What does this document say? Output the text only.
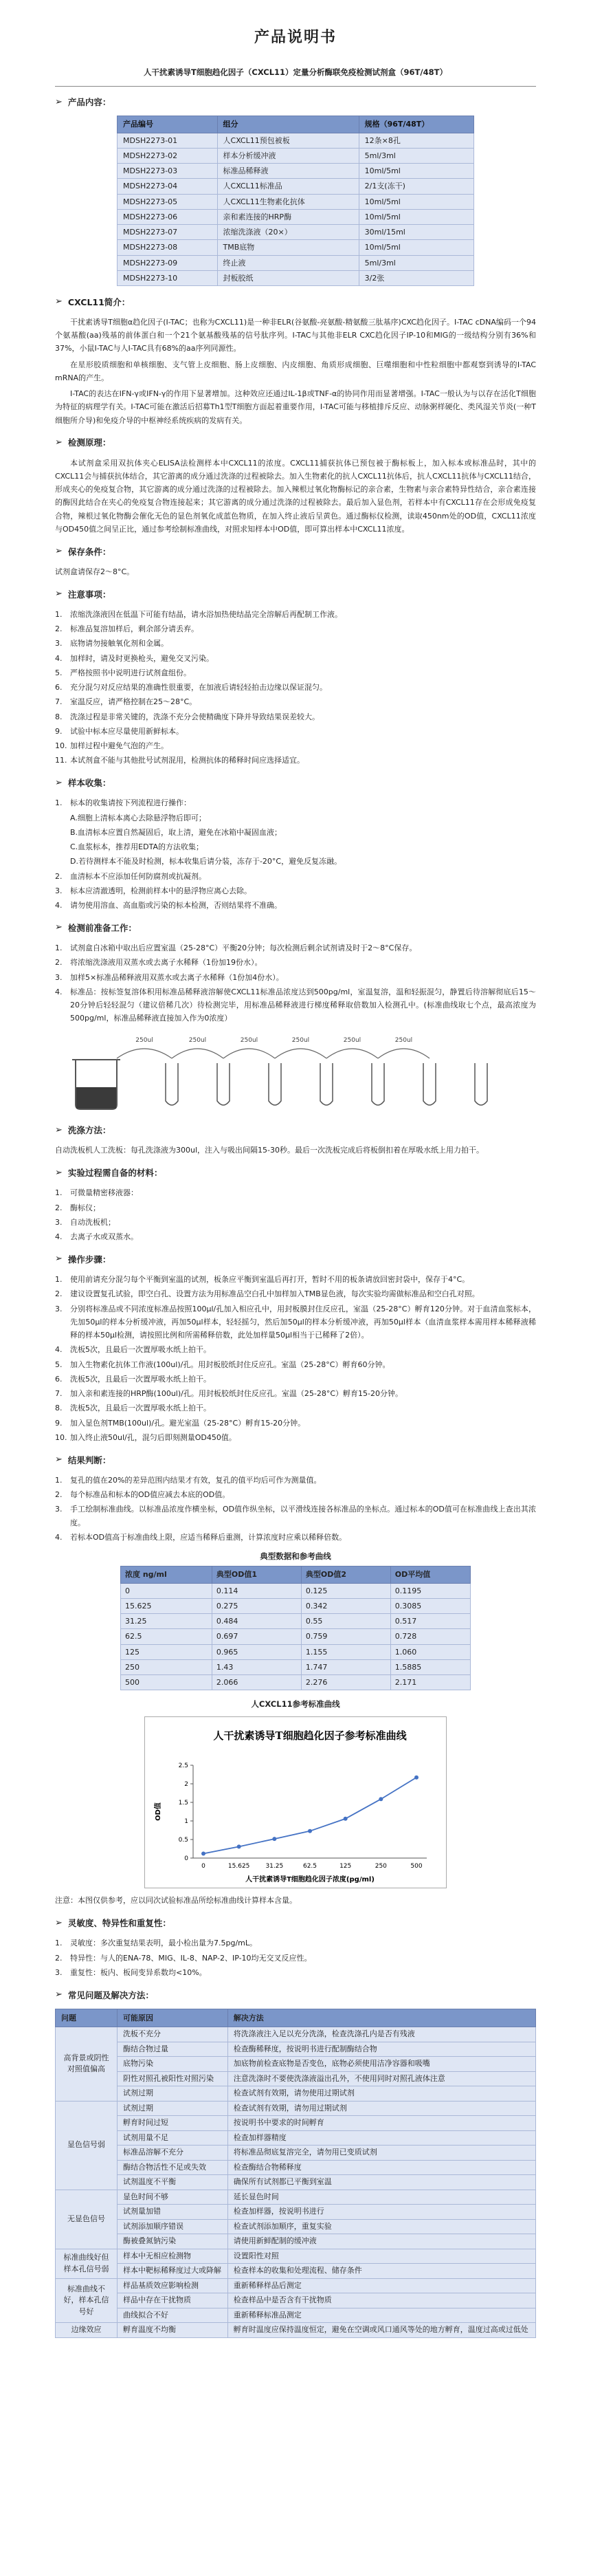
产品说明书
人干扰素诱导T细胞趋化因子（CXCL11）定量分析酶联免疫检测试剂盒（96T/48T）
➢ 产品内容：
产品编号	组分	规格（96T/48T）
MDSH2273-01	人CXCL11预包被板	12条×8孔
MDSH2273-02	样本分析缓冲液	5ml/3ml
MDSH2273-03	标准品稀释液	10ml/5ml
MDSH2273-04	人CXCL11标准品	2/1支(冻干)
MDSH2273-05	人CXCL11生物素化抗体	10ml/5ml
MDSH2273-06	亲和素连接的HRP酶	10ml/5ml
MDSH2273-07	浓缩洗涤液（20×）	30ml/15ml
MDSH2273-08	TMB底物	10ml/5ml
MDSH2273-09	终止液	5ml/3ml
MDSH2273-10	封板胶纸	3/2张
➢ CXCL11简介：
干扰素诱导T细胞α趋化因子(I-TAC；也称为CXCL11)是一种非ELR(谷氨酸-亮氨酸-精氨酸三肽基序)CXC趋化因子。I-TAC cDNA编码一个94个氨基酸(aa)残基的前体蛋白和一个21个氨基酸残基的信号肽序列。I-TAC与其他非ELR CXC趋化因子IP-10和MIG的一级结构分别有36%和37%，小鼠I-TAC与人I-TAC具有68%的aa序列同源性。
在星形胶质细胞和单核细胞、支气管上皮细胞、肠上皮细胞、内皮细胞、角质形成细胞、巨噬细胞和中性粒细胞中都观察到诱导的I-TAC mRNA的产生。
I-TAC的表达在IFN-γ或IFN-γ的作用下显著增加。这种效应还通过IL-1β或TNF-α的协同作用而显著增强。I-TAC一般认为与以存在活化T细胞为特征的病理学有关。I-TAC可能在激活后招募Th1型T细胞方面起着重要作用，I-TAC可能与移植排斥反应、动脉粥样硬化、类风湿关节炎(一种T细胞所介导)和免疫介导的中枢神经系统疾病的发病有关。
➢ 检测原理：
本试剂盒采用双抗体夹心ELISA法检测样本中CXCL11的浓度。CXCL11捕获抗体已预包被于酶标板上，加入标本或标准品时，其中的CXCL11会与捕获抗体结合，其它游离的成分通过洗涤的过程被除去。加入生物素化的抗人CXCL11抗体后，抗人CXCL11抗体与CXCL11结合，形成夹心的免疫复合物，其它游离的成分通过洗涤的过程被除去。加入辣根过氧化物酶标记的亲合素，生物素与亲合素特异性结合，亲合素连接的酶因此结合在夹心的免疫复合物连接起来；其它游离的成分通过洗涤的过程被除去。最后加入显色剂，若样本中有CXCL11存在会形成免疫复合物，辣根过氧化物酶会催化无色的显色剂氧化成蓝色物质，在加入终止液后呈黄色。通过酶标仪检测，读取450nm处的OD值，CXCL11浓度与OD450值之间呈正比，通过参考绘制标准曲线，对照求知样本中OD值，即可算出样本中CXCL11浓度。
➢ 保存条件：
试剂盒请保存2～8°C。
➢ 注意事项：
1.	浓缩洗涤液因在低温下可能有结晶，请水浴加热使结晶完全溶解后再配制工作液。
2.	标准品复溶加样后，剩余部分请丢弃。
3.	底物请勿接触氧化剂和金属。
4.	加样时，请及时更换枪头，避免交叉污染。
5.	严格按照书中说明进行试剂盒组份。
6.	充分混匀对反应结果的准确性很重要，在加液后请轻轻拍击边缘以保证混匀。
7.	室温反应，请严格控制在25～28°C。
8.	洗涤过程是非常关键的，洗涤不充分会使精确度下降并导致结果误差较大。
9.	试验中标本应尽量使用新鲜标本。
10. 加样过程中避免气泡的产生。
11. 本试剂盒不能与其他批号试剂混用，检测抗体的稀释时间应选择适宜。
➢ 样本收集：
1.	标本的收集请按下列流程进行操作：
A.细胞上清标本离心去除悬浮物后即可；
B.血清标本应置自然凝固后，取上清，避免在冰箱中凝固血液；
C.血浆标本，推荐用EDTA的方法收集；
D.若待测样本不能及时检测，标本收集后请分装，冻存于-20°C，避免反复冻融。
2.	血清标本不应添加任何防腐剂或抗凝剂。
3.	标本应清澈透明，检测前样本中的悬浮物应离心去除。
4.	请勿使用溶血、高血脂或污染的标本检测，否则结果将不准确。
➢ 检测前准备工作：
1.	试剂盒自冰箱中取出后应置室温（25-28°C）平衡20分钟；每次检测后剩余试剂请及时于2～8°C保存。
2.	将浓缩洗涤液用双蒸水或去离子水稀释（1份加19份水）。
3.	加样5×标准品稀释液用双蒸水或去离子水稀释（1份加4份水）。
4.	标准品：按标签复溶体积用标准品稀释液溶解使CXCL11标准品浓度达到500pg/ml，室温复溶，温和轻振混匀，静置后待溶解彻底后15～20分钟后轻轻混匀（建议倍稀几次）待检测完毕，用标准品稀释液进行梯度稀释取倍数加入检测孔中。(标准曲线取七个点，最高浓度为500pg/ml，标准品稀释液直接加入作为0浓度）
250ul	250ul	250ul	250ul	250ul	250ul
➢ 洗涤方法：
自动洗板机人工洗板：每孔洗涤液为300ul，注入与吸出间隔15-30秒。最后一次洗板完成后将板倒扣着在厚吸水纸上用力拍干。
➢ 实验过程需自备的材料：
1.	可微量精密移液器：
2.	酶标仪；
3.	自动洗板机；
4.	去离子水或双蒸水。
➢ 操作步骤：
1.	使用前请充分混匀每个平衡到室温的试剂，板条应平衡到室温后再打开，暂时不用的板条请放回密封袋中，保存于4°C。
2.	建议设置复孔试验，即空白孔、设置方法为用标准品空白孔中加样加入TMB显色液，每次实验均需做标准品和空白孔对照。
3.	分别将标准品或不同浓度标准品按照100μl/孔加入相应孔中，用封板膜封住反应孔，室温（25-28°C）孵育120分钟。对于血清血浆标本，先加50μl的样本分析缓冲液，再加50μl样本，轻轻摇匀，然后加50μl的样本分析缓冲液，再加50μl样本（血清血浆样本需用样本稀释液稀释的样本50μl检测，请按照比例和所需稀释倍数，此处加样量50μl相当于已稀释了2倍）。
4.	洗板5次，且最后一次置厚吸水纸上拍干。
5.	加入生物素化抗体工作液(100ul)/孔。用封板胶纸封住反应孔。室温（25-28°C）孵育60分钟。
6.	洗板5次，且最后一次置厚吸水纸上拍干。
7.	加入亲和素连接的HRP酶(100ul)/孔。用封板胶纸封住反应孔。室温（25-28°C）孵育15-20分钟。
8.	洗板5次，且最后一次置厚吸水纸上拍干。
9.	加入显色剂TMB(100ul)/孔。避光室温（25-28°C）孵育15-20分钟。
10. 加入终止液50ul/孔，混匀后即刻测量OD450值。
➢ 结果判断：
1.	复孔的值在20%的差异范围内结果才有效，复孔的值平均后可作为测量值。
2.	每个标准品和标本的OD值应减去本底的OD值。
3.	手工绘制标准曲线。以标准品浓度作横坐标，OD值作纵坐标，以平滑线连接各标准品的坐标点。通过标本的OD值可在标准曲线上查出其浓度。
4.	若标本OD值高于标准曲线上限，应适当稀释后重测，计算浓度时应乘以稀释倍数。
典型数据和参考曲线
浓度 ng/ml	典型OD值1	典型OD值2	OD平均值
0	0.114	0.125	0.1195
15.625	0.275	0.342	0.3085
31.25	0.484	0.55	0.517
62.5	0.697	0.759	0.728
125	0.965	1.155	1.060
250	1.43	1.747	1.5885
500	2.066	2.276	2.171
人CXCL11参考标准曲线
人干扰素诱导T细胞趋化因子参考标准曲线
0
0.5
1
1.5
2
2.5
0	15.625	31.25	62.5	125	250	500
人干扰素诱导T细胞趋化因子浓度(pg/ml)
OD值
注意：本图仅供参考，应以同次试验标准品所绘标准曲线计算样本含量。
➢ 灵敏度、特异性和重复性：
1.	灵敏度：多次重复结果表明，最小检出量为7.5pg/mL。
2.	特异性：与人的ENA-78、MIG、IL-8、NAP-2、IP-10均无交叉反应性。
3.	重复性：板内、板间变异系数均<10%。
➢ 常见问题及解决方法：
问题	可能原因	解决方法
高背景或阴性对照值偏高	洗板不充分	将洗涤液注入足以充分洗涤，检查洗涤孔内是否有残液
	酶结合物过量	检查酶稀释度，按说明书进行配制酶结合物
	底物污染	加底物前检查底物是否变色，底物必须使用洁净容器和吸嘴
	阴性对照孔被阳性对照污染	注意洗涤时不要使洗涤液溢出孔外，不使用同时对照孔液体注意
	试剂过期	检查试剂有效期，请勿使用过期试剂
显色信号弱	试剂过期	检查试剂有效期，请勿用过期试剂
	孵育时间过短	按说明书中要求的时间孵育
	试剂用量不足	检查加样器精度
	标准品溶解不充分	将标准品彻底复溶完全，请勿用已变质试剂
	酶结合物活性不足或失效	检查酶结合物稀释度
	试剂温度不平衡	确保所有试剂都已平衡到室温
无显色信号	显色时间不够	延长显色时间
	试剂量加错	检查加样器，按说明书进行
	试剂添加顺序错误	检查试剂添加顺序，重复实验
	酶被叠氮钠污染	请使用新鲜配制的缓冲液
标准曲线好但样本孔信号弱	样本中无相应检测物	设置阳性对照
	样本中靶标稀释度过大或降解	检查样本的收集和处理流程、储存条件
标准曲线不好，样本孔信号好	样品基质效应影响检测	重新稀释样品后测定
	样品中存在干扰物质	检查样品中是否含有干扰物质
	曲线拟合不好	重新稀释标准品测定
边缘效应	孵育温度不均衡	孵育时温度应保持温度恒定，避免在空调或风口通风等处的地方孵育，温度过高或过低处
